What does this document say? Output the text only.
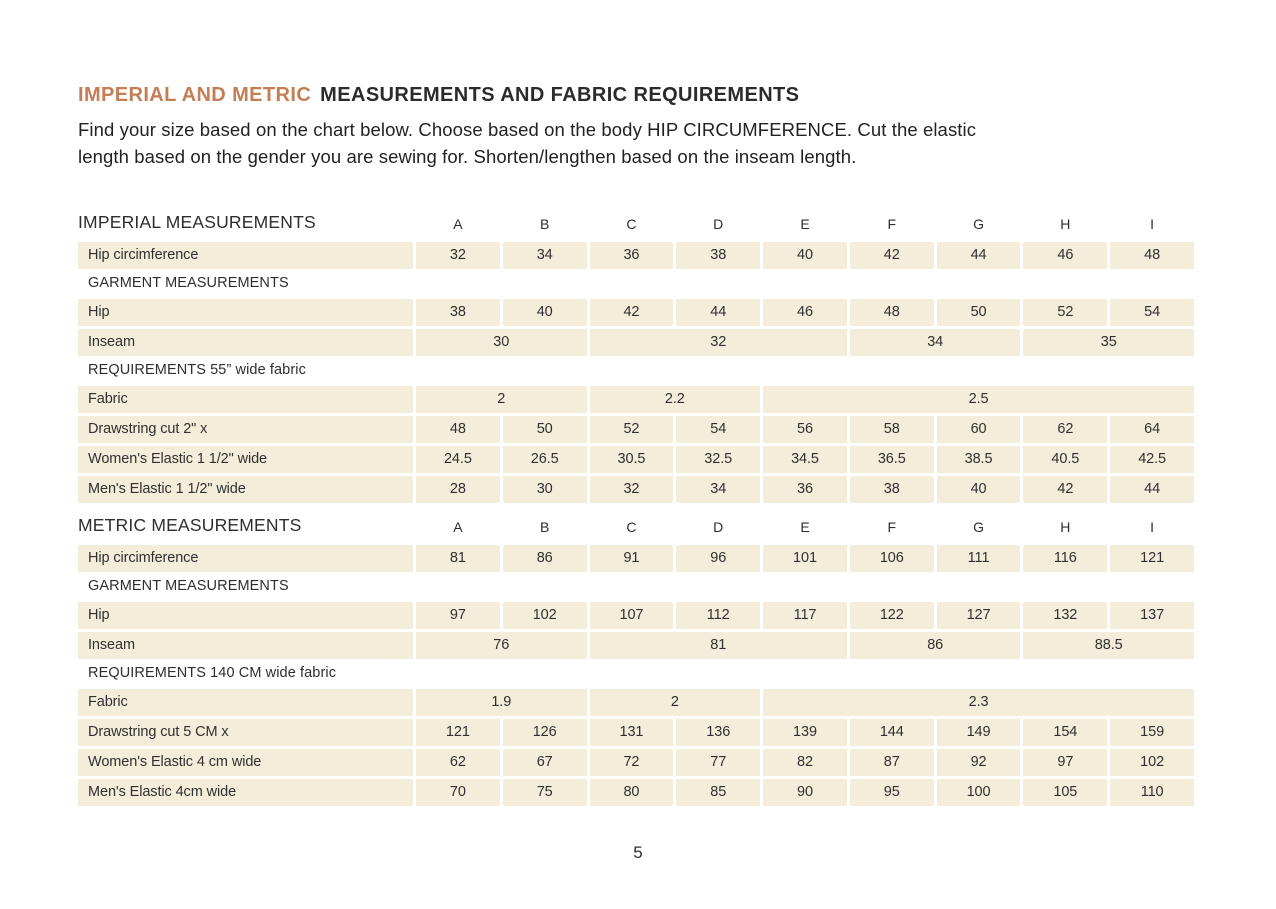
IMPERIAL AND METRIC MEASUREMENTS AND FABRIC REQUIREMENTS
Find your size based on the chart below. Choose based on the body HIP CIRCUMFERENCE. Cut the elastic
length based on the gender you are sewing for. Shorten/lengthen based on the inseam length.
IMPERIAL MEASUREMENTS	A	B	C	D	E	F	G	H	I
Hip circimference	32	34	36	38	40	42	44	46	48
GARMENT MEASUREMENTS
Hip	38	40	42	44	46	48	50	52	54
Inseam	30	32	34	35
REQUIREMENTS 55” wide fabric
Fabric	2	2.2	2.5
Drawstring cut 2" x	48	50	52	54	56	58	60	62	64
Women's Elastic 1 1/2" wide	24.5	26.5	30.5	32.5	34.5	36.5	38.5	40.5	42.5
Men's Elastic 1 1/2" wide	28	30	32	34	36	38	40	42	44
METRIC MEASUREMENTS	A	B	C	D	E	F	G	H	I
Hip circimference	81	86	91	96	101	106	111	116	121
GARMENT MEASUREMENTS
Hip	97	102	107	112	117	122	127	132	137
Inseam	76	81	86	88.5
REQUIREMENTS 140 CM wide fabric
Fabric	1.9	2	2.3
Drawstring cut 5 CM x	121	126	131	136	139	144	149	154	159
Women's Elastic 4 cm wide	62	67	72	77	82	87	92	97	102
Men's Elastic 4cm wide	70	75	80	85	90	95	100	105	110
5
